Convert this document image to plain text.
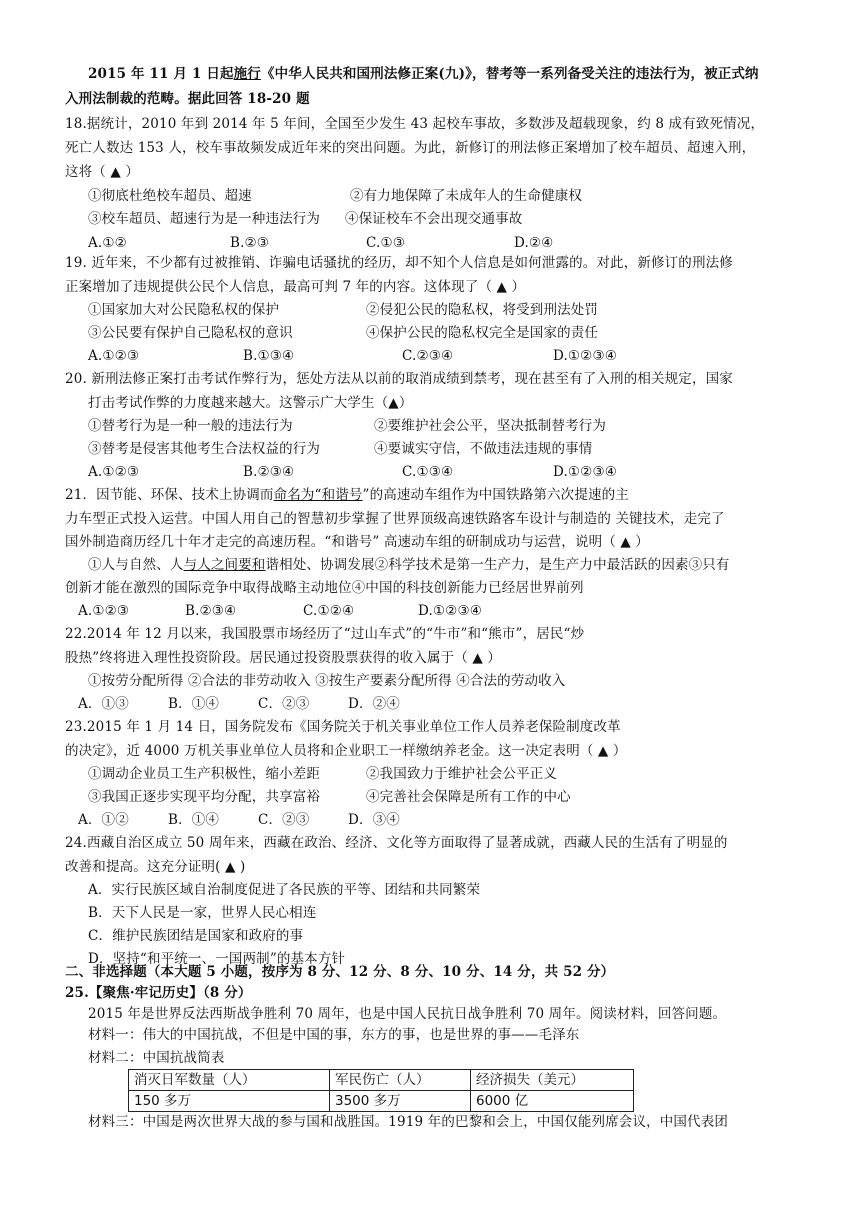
2015 年 11 月 1 日起施行《中华人民共和国刑法修正案(九)》，替考等一系列备受关注的违法行为，被正式纳
入刑法制裁的范畴。据此回答 18-20 题
18.据统计，2010 年到 2014 年 5 年间，全国至少发生 43 起校车事故，多数涉及超载现象，约 8 成有致死情况，
死亡人数达 153 人，校车事故频发成近年来的突出问题。为此，新修订的刑法修正案增加了校车超员、超速入刑，
这将（ ▲ ）
①彻底杜绝校车超员、超速	②有力地保障了未成年人的生命健康权
③校车超员、超速行为是一种违法行为 ④保证校车不会出现交通事故
A.①②	B.②③	C.①③	D.②④
19. 近年来，不少都有过被推销、诈骗电话骚扰的经历，却不知个人信息是如何泄露的。对此，新修订的刑法修
正案增加了违规提供公民个人信息，最高可判 7 年的内容。这体现了（ ▲ ）
①国家加大对公民隐私权的保护	②侵犯公民的隐私权，将受到刑法处罚
③公民要有保护自己隐私权的意识	④保护公民的隐私权完全是国家的责任
A.①②③	B.①③④	C.②③④	D.①②③④
20. 新刑法修正案打击考试作弊行为，惩处方法从以前的取消成绩到禁考，现在甚至有了入刑的相关规定，国家
打击考试作弊的力度越来越大。这警示广大学生（▲）
①替考行为是一种一般的违法行为	②要维护社会公平，坚决抵制替考行为
③替考是侵害其他考生合法权益的行为	④要诚实守信，不做违法违规的事情
A.①②③	B.②③④	C.①③④	D.①②③④
21．因节能、环保、技术上协调而命名为“和谐号”的高速动车组作为中国铁路第六次提速的主
力车型正式投入运营。中国人用自己的智慧初步掌握了世界顶级高速铁路客车设计与制造的 关键技术，走完了
国外制造商历经几十年才走完的高速历程。“和谐号” 高速动车组的研制成功与运营，说明（ ▲ ）
①人与自然、人与人之间要和谐相处、协调发展②科学技术是第一生产力，是生产力中最活跃的因素③只有
创新才能在激烈的国际竞争中取得战略主动地位④中国的科技创新能力已经居世界前列
A.①②③	B.②③④	C.①②④	D.①②③④
22.2014 年 12 月以来，我国股票市场经历了“过山车式”的“牛市”和“熊市”，居民“炒
股热”终将进入理性投资阶段。居民通过投资股票获得的收入属于（ ▲ ）
①按劳分配所得 ②合法的非劳动收入 ③按生产要素分配所得 ④合法的劳动收入
A．①③	B．①④	C．②③	D．②④
23.2015 年 1 月 14 日，国务院发布《国务院关于机关事业单位工作人员养老保险制度改革
的决定》，近 4000 万机关事业单位人员将和企业职工一样缴纳养老金。这一决定表明（ ▲ ）
①调动企业员工生产积极性，缩小差距	②我国致力于维护社会公平正义
③我国正逐步实现平均分配，共享富裕	④完善社会保障是所有工作的中心
A．①②	B．①④	C．②③	D．③④
24.西藏自治区成立 50 周年来，西藏在政治、经济、文化等方面取得了显著成就，西藏人民的生活有了明显的
改善和提高。这充分证明( ▲ )
A．实行民族区域自治制度促进了各民族的平等、团结和共同繁荣
B．天下人民是一家，世界人民心相连
C．维护民族团结是国家和政府的事
D．坚持“和平统一、一国两制”的基本方针
二、非选择题（本大题 5 小题，按序为 8 分、12 分、8 分、10 分、14 分，共 52 分）
25.【聚焦·牢记历史】（8 分）
2015 年是世界反法西斯战争胜利 70 周年，也是中国人民抗日战争胜利 70 周年。阅读材料，回答问题。
材料一：伟大的中国抗战，不但是中国的事，东方的事，也是世界的事——毛泽东
消灭日军数量（人）	军民伤亡（人）	经济损失（美元）
150 多万	3500 多万	6000 亿
材料三：中国是两次世界大战的参与国和战胜国。1919 年的巴黎和会上，中国仅能列席会议，中国代表团
材料二：中国抗战简表
